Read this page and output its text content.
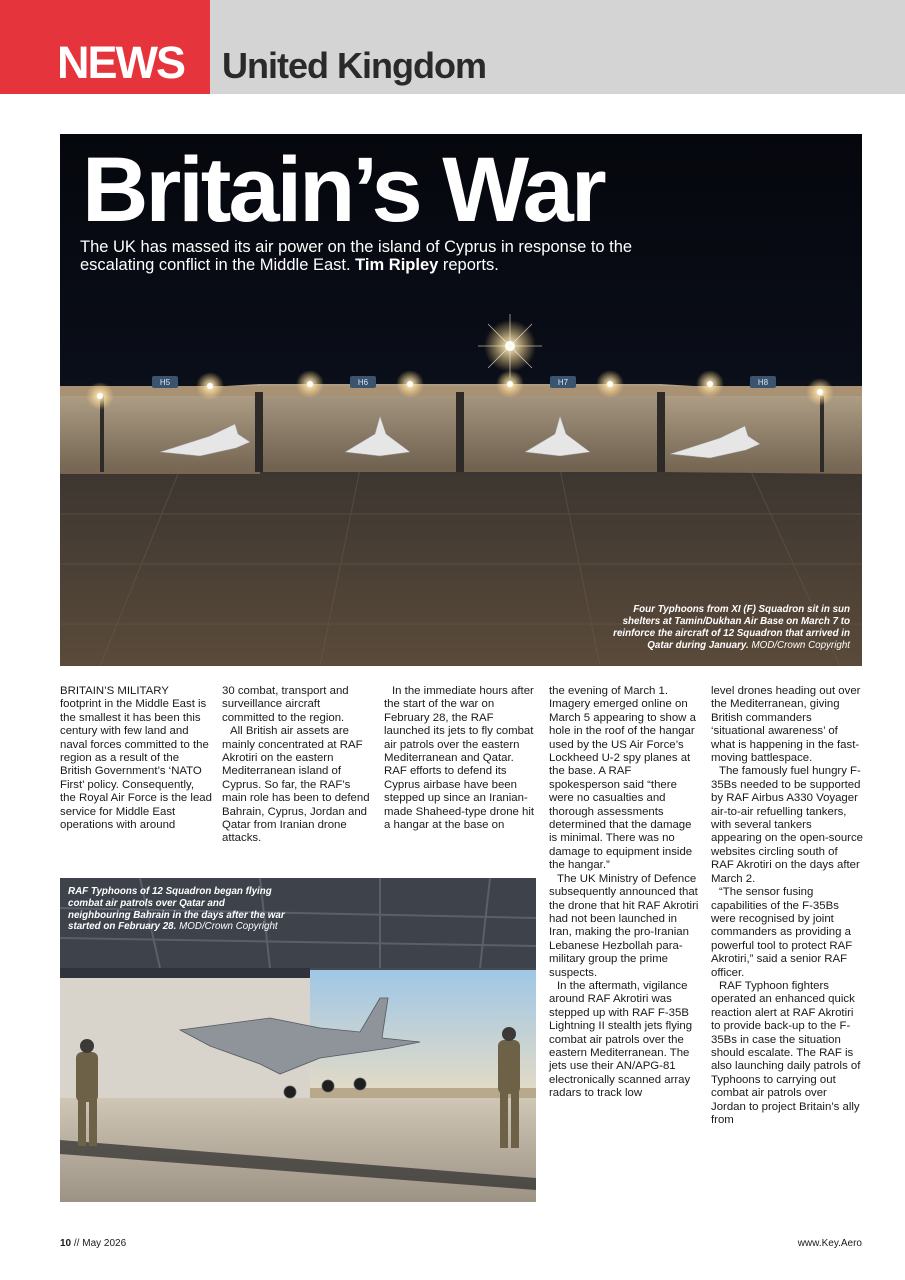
NEWS United Kingdom
H5	H6	H7	H8
Britain’s War
The UK has massed its air power on the island of Cyprus in response to the escalating conflict in the Middle East. Tim Ripley reports.
Four Typhoons from XI (F) Squadron sit in sun shelters at Tamin/Dukhan Air Base on March 7 to reinforce the aircraft of 12 Squadron that arrived in Qatar during January. MOD/Crown Copyright

BRITAIN’S MILITARY footprint in the Middle East is the smallest it has been this century with few land and naval forces committed to the region as a result of the British Government’s ‘NATO First’ policy. Consequently, the Royal Air Force is the lead service for Middle East operations with around

30 combat, transport and surveillance aircraft committed to the region.

All British air assets are mainly concentrated at RAF Akrotiri on the eastern Mediterranean island of Cyprus. So far, the RAF’s main role has been to defend Bahrain, Cyprus, Jordan and Qatar from Iranian drone attacks.

In the immediate hours after the start of the war on February 28, the RAF launched its jets to fly combat air patrols over the eastern Mediterranean and Qatar. RAF efforts to defend its Cyprus airbase have been stepped up since an Iranian-made Shaheed-type drone hit a hangar at the base on

the evening of March 1. Imagery emerged online on March 5 appearing to show a hole in the roof of the hangar used by the US Air Force’s Lockheed U-2 spy planes at the base. A RAF spokesperson said “there were no casualties and thorough assessments determined that the damage is minimal. There was no damage to equipment inside the hangar.”

The UK Ministry of Defence subsequently announced that the drone that hit RAF Akrotiri had not been launched in Iran, making the pro-Iranian Lebanese Hezbollah para-military group the prime suspects.

In the aftermath, vigilance around RAF Akrotiri was stepped up with RAF F-35B Lightning II stealth jets flying combat air patrols over the eastern Mediterranean. The jets use their AN/APG-81 electronically scanned array radars to track low

level drones heading out over the Mediterranean, giving British commanders ‘situational awareness’ of what is happening in the fast-moving battlespace.

The famously fuel hungry F-35Bs needed to be supported by RAF Airbus A330 Voyager air-to-air refuelling tankers, with several tankers appearing on the open-source websites circling south of RAF Akrotiri on the days after March 2.

“The sensor fusing capabilities of the F-35Bs were recognised by joint commanders as providing a powerful tool to protect RAF Akrotiri,” said a senior RAF officer.

RAF Typhoon fighters operated an enhanced quick reaction alert at RAF Akrotiri to provide back-up to the F-35Bs in case the situation should escalate. The RAF is also launching daily patrols of Typhoons to carrying out combat air patrols over Jordan to project Britain’s ally from

RAF Typhoons of 12 Squadron began flying combat air patrols over Qatar and neighbouring Bahrain in the days after the war started on February 28. MOD/Crown Copyright
10 // May 2026	www.Key.Aero
